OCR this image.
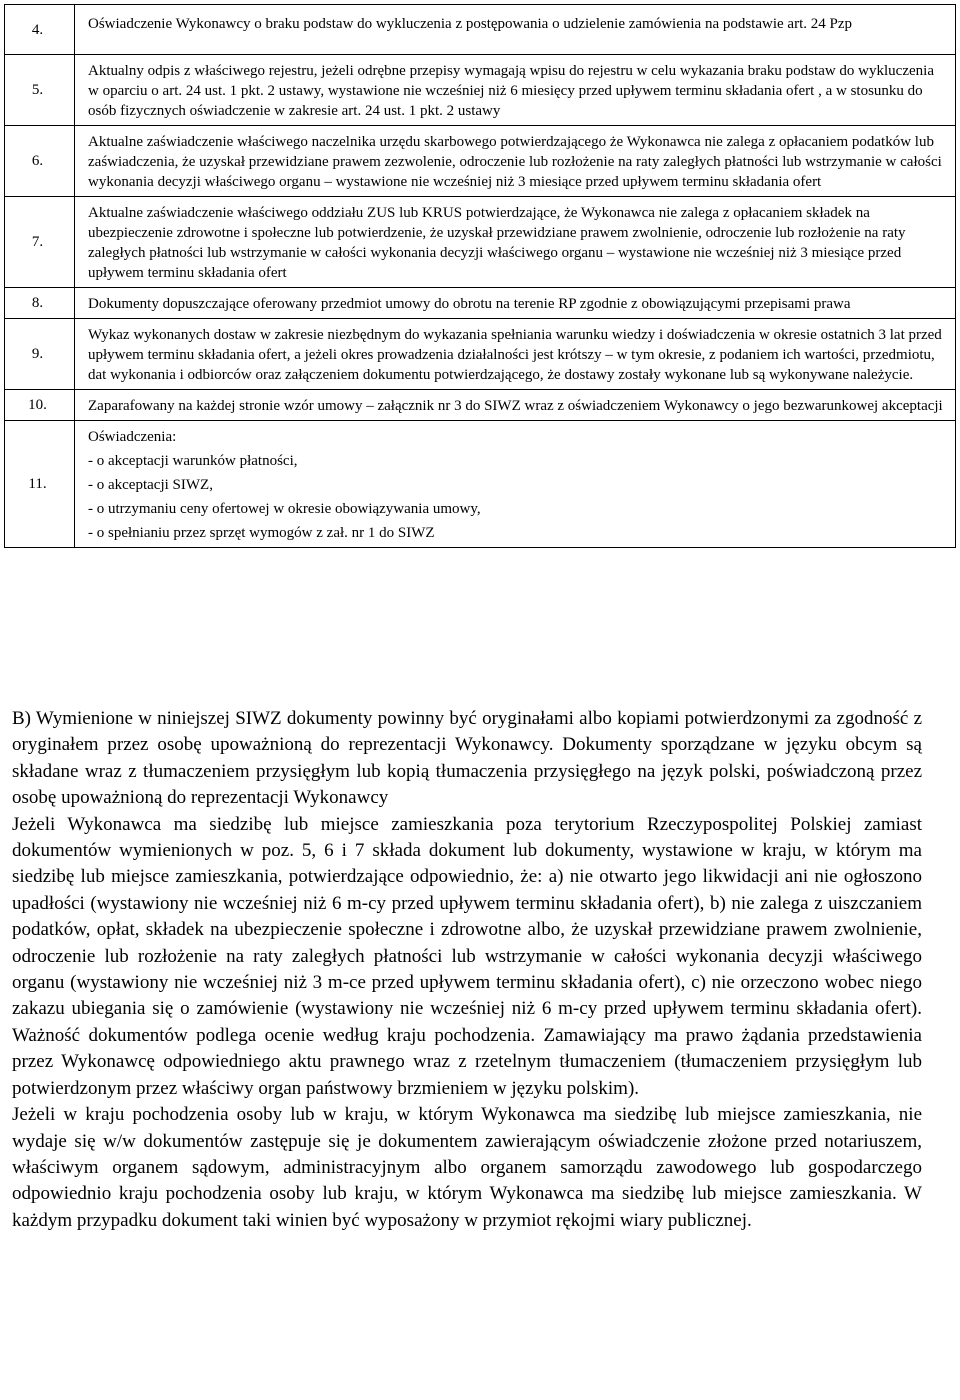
4.	Oświadczenie Wykonawcy o braku podstaw do wykluczenia z postępowania o udzielenie zamówienia na podstawie art. 24 Pzp
5.	Aktualny odpis z właściwego rejestru, jeżeli odrębne przepisy wymagają wpisu do rejestru w celu wykazania braku podstaw do wykluczenia w oparciu o art. 24 ust. 1 pkt. 2 ustawy, wystawione nie wcześniej niż 6 miesięcy przed upływem terminu składania ofert , a w stosunku do osób fizycznych oświadczenie w zakresie art. 24 ust. 1 pkt. 2 ustawy
6.	Aktualne zaświadczenie właściwego naczelnika urzędu skarbowego potwierdzającego że Wykonawca nie zalega z opłacaniem podatków lub zaświadczenia, że uzyskał przewidziane prawem zezwolenie, odroczenie lub rozłożenie na raty zaległych płatności lub wstrzymanie w całości wykonania decyzji właściwego organu – wystawione nie wcześniej niż 3 miesiące przed upływem terminu składania ofert
7.	Aktualne zaświadczenie właściwego oddziału ZUS lub KRUS potwierdzające, że Wykonawca nie zalega z opłacaniem składek na ubezpieczenie zdrowotne i społeczne lub potwierdzenie, że uzyskał przewidziane prawem zwolnienie, odroczenie lub rozłożenie na raty zaległych płatności lub wstrzymanie w całości wykonania decyzji właściwego organu – wystawione nie wcześniej niż 3 miesiące przed upływem terminu składania ofert
8.	Dokumenty dopuszczające oferowany przedmiot umowy do obrotu na terenie RP zgodnie z obowiązującymi przepisami prawa
9.	Wykaz wykonanych dostaw w zakresie niezbędnym do wykazania spełniania warunku wiedzy i doświadczenia w okresie ostatnich 3 lat przed upływem terminu składania ofert, a jeżeli okres prowadzenia działalności jest krótszy – w tym okresie, z podaniem ich wartości, przedmiotu, dat wykonania i odbiorców oraz załączeniem dokumentu potwierdzającego, że dostawy zostały wykonane lub są wykonywane należycie.
10.	Zaparafowany na każdej stronie wzór umowy – załącznik nr 3 do SIWZ wraz z oświadczeniem Wykonawcy o jego bezwarunkowej akceptacji
11.	Oświadczenia:
- o akceptacji warunków płatności,
- o akceptacji SIWZ,
- o utrzymaniu ceny ofertowej w okresie obowiązywania umowy,
- o spełnianiu przez sprzęt wymogów z zał. nr 1 do SIWZ

B) Wymienione w niniejszej SIWZ dokumenty powinny być oryginałami albo kopiami potwierdzonymi za zgodność z oryginałem przez osobę upoważnioną do reprezentacji Wykonawcy. Dokumenty sporządzane w języku obcym są składane wraz z tłumaczeniem przysięgłym lub kopią tłumaczenia przysięgłego na język polski, poświadczoną przez osobę upoważnioną do reprezentacji Wykonawcy

Jeżeli Wykonawca ma siedzibę lub miejsce zamieszkania poza terytorium Rzeczypospolitej Polskiej zamiast dokumentów wymienionych w poz. 5, 6 i 7 składa dokument lub dokumenty, wystawione w kraju, w którym ma siedzibę lub miejsce zamieszkania, potwierdzające odpowiednio, że: a) nie otwarto jego likwidacji ani nie ogłoszono upadłości (wystawiony nie wcześniej niż 6 m-cy przed upływem terminu składania ofert), b) nie zalega z uiszczaniem podatków, opłat, składek na ubezpieczenie społeczne i zdrowotne albo, że uzyskał przewidziane prawem zwolnienie, odroczenie lub rozłożenie na raty zaległych płatności lub wstrzymanie w całości wykonania decyzji właściwego organu (wystawiony nie wcześniej niż 3 m-ce przed upływem terminu składania ofert), c) nie orzeczono wobec niego zakazu ubiegania się o zamówienie (wystawiony nie wcześniej niż 6 m-cy przed upływem terminu składania ofert). Ważność dokumentów podlega ocenie według kraju pochodzenia. Zamawiający ma prawo żądania przedstawienia przez Wykonawcę odpowiedniego aktu prawnego wraz z rzetelnym tłumaczeniem (tłumaczeniem przysięgłym lub potwierdzonym przez właściwy organ państwowy brzmieniem w języku polskim).

Jeżeli w kraju pochodzenia osoby lub w kraju, w którym Wykonawca ma siedzibę lub miejsce zamieszkania, nie wydaje się w/w dokumentów zastępuje się je dokumentem zawierającym oświadczenie złożone przed notariuszem, właściwym organem sądowym, administracyjnym albo organem samorządu zawodowego lub gospodarczego odpowiednio kraju pochodzenia osoby lub kraju, w którym Wykonawca ma siedzibę lub miejsce zamieszkania. W każdym przypadku dokument taki winien być wyposażony w przymiot rękojmi wiary publicznej.
